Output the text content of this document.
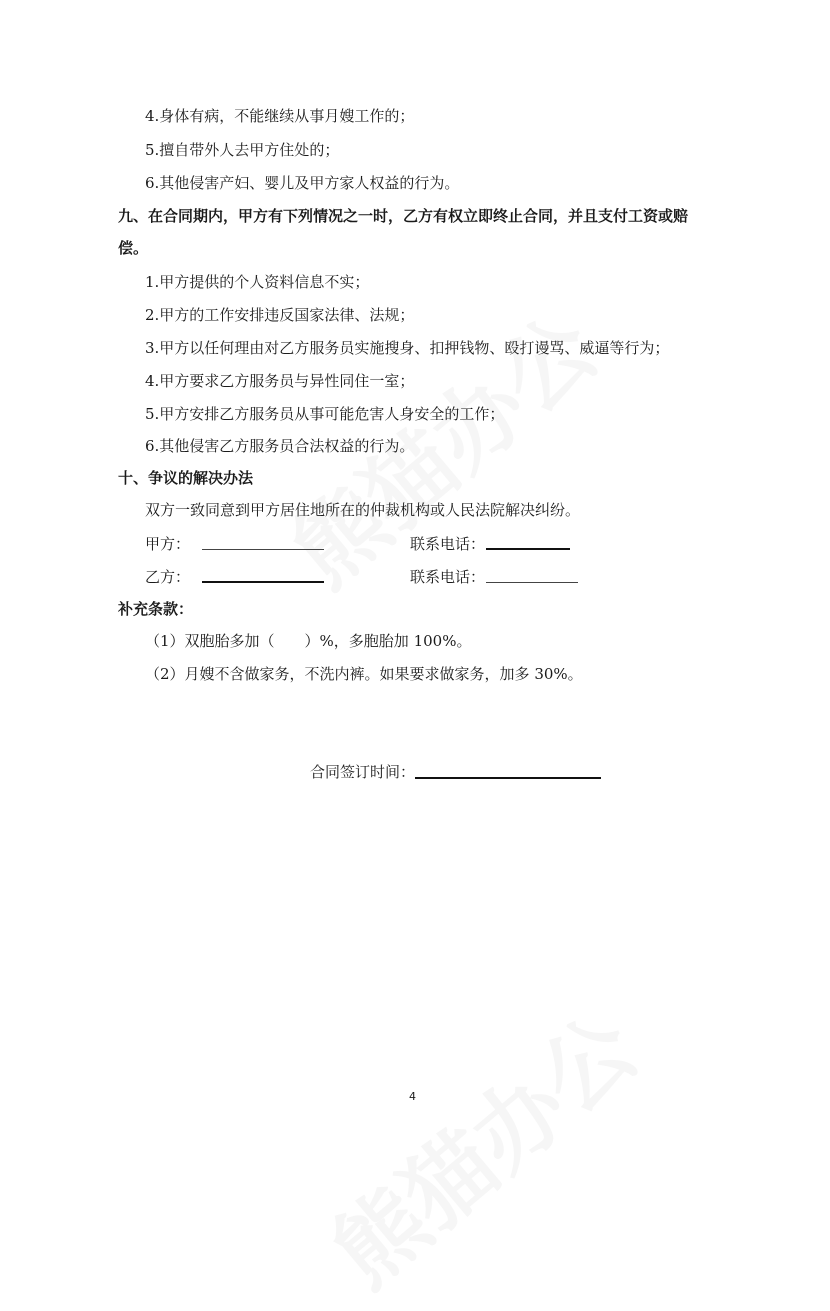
4.身体有病，不能继续从事月嫂工作的；
5.擅自带外人去甲方住处的；
6.其他侵害产妇、婴儿及甲方家人权益的行为。
九、在合同期内，甲方有下列情况之一时，乙方有权立即终止合同，并且支付工资或赔
偿。
1.甲方提供的个人资料信息不实；
2.甲方的工作安排违反国家法律、法规；
3.甲方以任何理由对乙方服务员实施搜身、扣押钱物、殴打谩骂、威逼等行为；
4.甲方要求乙方服务员与异性同住一室；
5.甲方安排乙方服务员从事可能危害人身安全的工作；
6.其他侵害乙方服务员合法权益的行为。
十、争议的解决办法
双方一致同意到甲方居住地所在的仲裁机构或人民法院解决纠纷。
甲方：	联系电话：
乙方：	联系电话：
补充条款：
（1）双胞胎多加（　　）%，多胞胎加 100%。
（2）月嫂不含做家务，不洗内裤。如果要求做家务，加多 30%。
合同签订时间：
4
